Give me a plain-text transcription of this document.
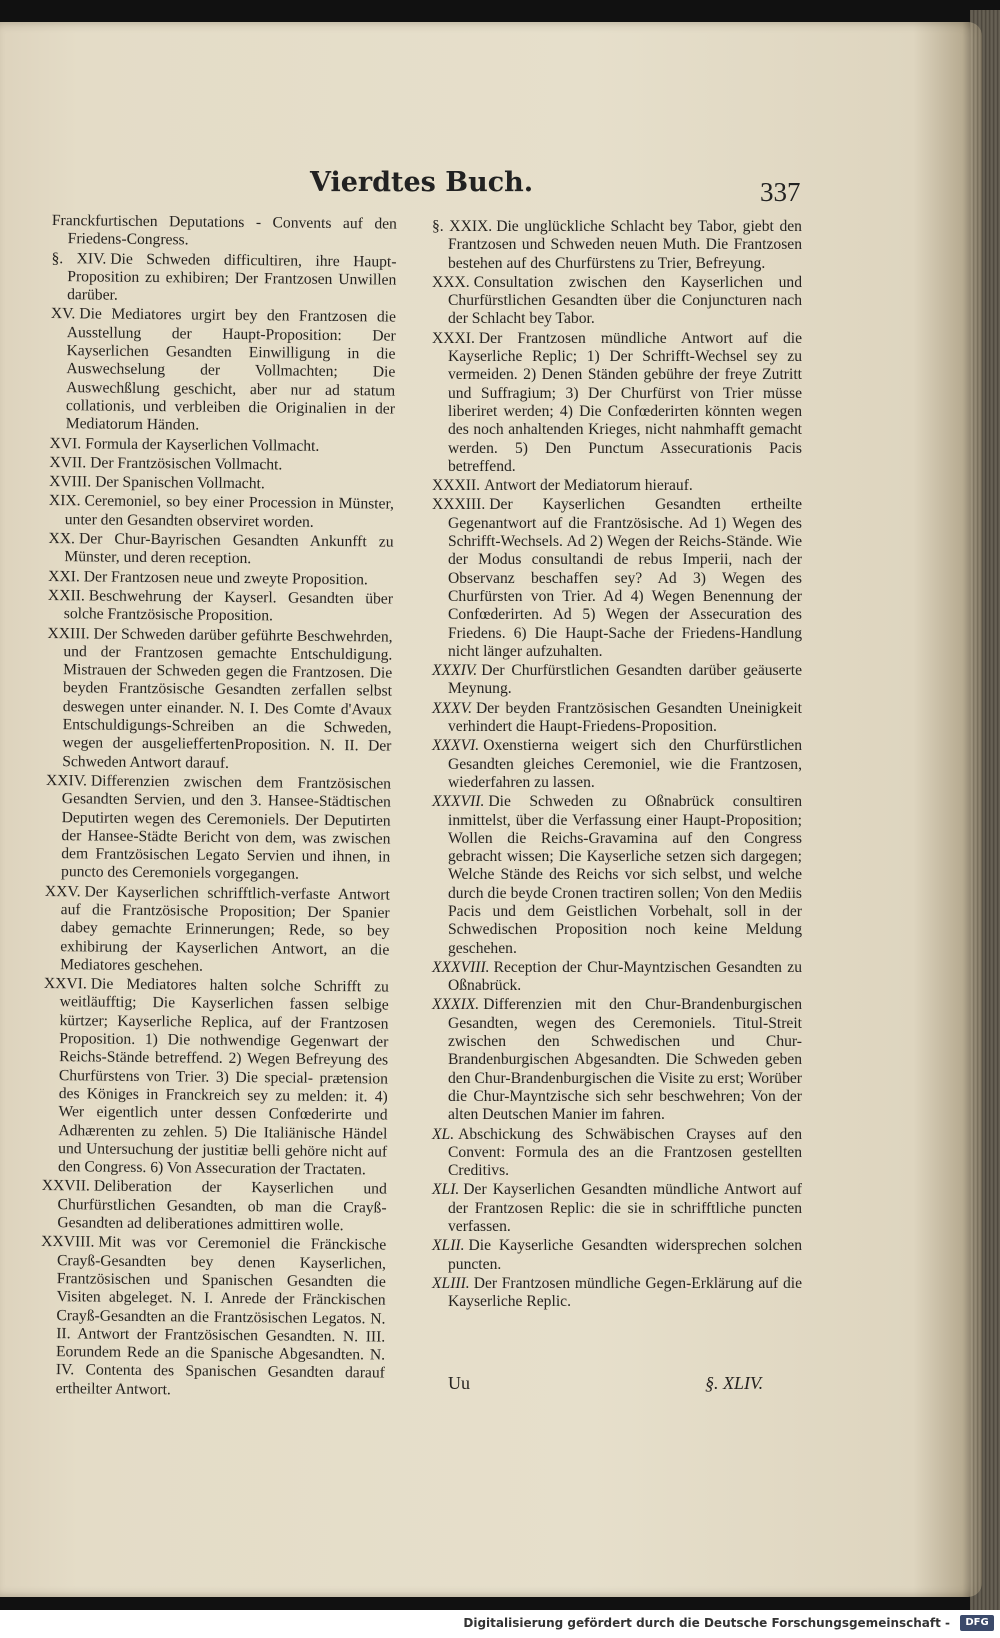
Vierdtes Buch.	337
Franckfurtischen Deputations - Convents auf den Friedens-Congress.
§. XIV. Die Schweden difficultiren, ihre Haupt-Proposition zu exhibiren; Der Frantzosen Unwillen darüber.
XV. Die Mediatores urgirt bey den Frantzosen die Ausstellung der Haupt-Proposition: Der Kayserlichen Gesandten Einwilligung in die Auswechselung der Vollmachten; Die Auswechßlung geschicht, aber nur ad statum collationis, und verbleiben die Originalien in der Mediatorum Händen.
XVI. Formula der Kayserlichen Vollmacht.
XVII. Der Frantzösischen Vollmacht.
XVIII. Der Spanischen Vollmacht.
XIX. Ceremoniel, so bey einer Procession in Münster, unter den Gesandten observiret worden.
XX. Der Chur-Bayrischen Gesandten Ankunfft zu Münster, und deren reception.
XXI. Der Frantzosen neue und zweyte Proposition.
XXII. Beschwehrung der Kayserl. Gesandten über solche Frantzösische Proposition.
XXIII. Der Schweden darüber geführte Beschwehrden, und der Frantzosen gemachte Entschuldigung. Mistrauen der Schweden gegen die Frantzosen. Die beyden Frantzösische Gesandten zerfallen selbst deswegen unter einander. N. I. Des Comte d'Avaux Entschuldigungs-Schreiben an die Schweden, wegen der ausgelieffertenProposition. N. II. Der Schweden Antwort darauf.
XXIV. Differenzien zwischen dem Frantzösischen Gesandten Servien, und den 3. Hansee-Städtischen Deputirten wegen des Ceremoniels. Der Deputirten der Hansee-Städte Bericht von dem, was zwischen dem Frantzösischen Legato Servien und ihnen, in puncto des Ceremoniels vorgegangen.
XXV. Der Kayserlichen schrifftlich-verfaste Antwort auf die Frantzösische Proposition; Der Spanier dabey gemachte Erinnerungen; Rede, so bey exhibirung der Kayserlichen Antwort, an die Mediatores geschehen.
XXVI. Die Mediatores halten solche Schrifft zu weitläufftig; Die Kayserlichen fassen selbige kürtzer; Kayserliche Replica, auf der Frantzosen Proposition. 1) Die nothwendige Gegenwart der Reichs-Stände betreffend. 2) Wegen Befreyung des Churfürstens von Trier. 3) Die special- prætension des Königes in Franckreich sey zu melden: it. 4) Wer eigentlich unter dessen Confœderirte und Adhærenten zu zehlen. 5) Die Italiänische Händel und Untersuchung der justitiæ belli gehöre nicht auf den Congress. 6) Von Assecuration der Tractaten.
XXVII. Deliberation der Kayserlichen und Churfürstlichen Gesandten, ob man die Crayß-Gesandten ad deliberationes admittiren wolle.
XXVIII. Mit was vor Ceremoniel die Fränckische Crayß-Gesandten bey denen Kayserlichen, Frantzösischen und Spanischen Gesandten die Visiten abgeleget. N. I. Anrede der Fränckischen Crayß-Gesandten an die Frantzösischen Legatos. N. II. Antwort der Frantzösischen Gesandten. N. III. Eorundem Rede an die Spanische Abgesandten. N. IV. Contenta des Spanischen Gesandten darauf ertheilter Antwort.
§. XXIX. Die unglückliche Schlacht bey Tabor, giebt den Frantzosen und Schweden neuen Muth. Die Frantzosen bestehen auf des Churfürstens zu Trier, Befreyung.
XXX. Consultation zwischen den Kayserlichen und Churfürstlichen Gesandten über die Conjuncturen nach der Schlacht bey Tabor.
XXXI. Der Frantzosen mündliche Antwort auf die Kayserliche Replic; 1) Der Schrifft-Wechsel sey zu vermeiden. 2) Denen Ständen gebühre der freye Zutritt und Suffragium; 3) Der Churfürst von Trier müsse liberiret werden; 4) Die Confœderirten könnten wegen des noch anhaltenden Krieges, nicht nahmhafft gemacht werden. 5) Den Punctum Assecurationis Pacis betreffend.
XXXII. Antwort der Mediatorum hierauf.
XXXIII. Der Kayserlichen Gesandten ertheilte Gegenantwort auf die Frantzösische. Ad 1) Wegen des Schrifft-Wechsels. Ad 2) Wegen der Reichs-Stände. Wie der Modus consultandi de rebus Imperii, nach der Observanz beschaffen sey? Ad 3) Wegen des Churfürsten von Trier. Ad 4) Wegen Benennung der Confœderirten. Ad 5) Wegen der Assecuration des Friedens. 6) Die Haupt-Sache der Friedens-Handlung nicht länger aufzuhalten.
XXXIV. Der Churfürstlichen Gesandten darüber geäuserte Meynung.
XXXV. Der beyden Frantzösischen Gesandten Uneinigkeit verhindert die Haupt-Friedens-Proposition.
XXXVI. Oxenstierna weigert sich den Churfürstlichen Gesandten gleiches Ceremoniel, wie die Frantzosen, wiederfahren zu lassen.
XXXVII. Die Schweden zu Oßnabrück consultiren inmittelst, über die Verfassung einer Haupt-Proposition; Wollen die Reichs-Gravamina auf den Congress gebracht wissen; Die Kayserliche setzen sich dargegen; Welche Stände des Reichs vor sich selbst, und welche durch die beyde Cronen tractiren sollen; Von den Mediis Pacis und dem Geistlichen Vorbehalt, soll in der Schwedischen Proposition noch keine Meldung geschehen.
XXXVIII. Reception der Chur-Mayntzischen Gesandten zu Oßnabrück.
XXXIX. Differenzien mit den Chur-Brandenburgischen Gesandten, wegen des Ceremoniels. Titul-Streit zwischen den Schwedischen und Chur-Brandenburgischen Abgesandten. Die Schweden geben den Chur-Brandenburgischen die Visite zu erst; Worüber die Chur-Mayntzische sich sehr beschwehren; Von der alten Deutschen Manier im fahren.
XL. Abschickung des Schwäbischen Crayses auf den Convent: Formula des an die Frantzosen gestellten Creditivs.
XLI. Der Kayserlichen Gesandten mündliche Antwort auf der Frantzosen Replic: die sie in schrifftliche puncten verfassen.
XLII. Die Kayserliche Gesandten widersprechen solchen puncten.
XLIII. Der Frantzosen mündliche Gegen-Erklärung auf die Kayserliche Replic.
Uu	§. XLIV.
Digitalisierung gefördert durch die Deutsche Forschungsgemeinschaft -	DFG
